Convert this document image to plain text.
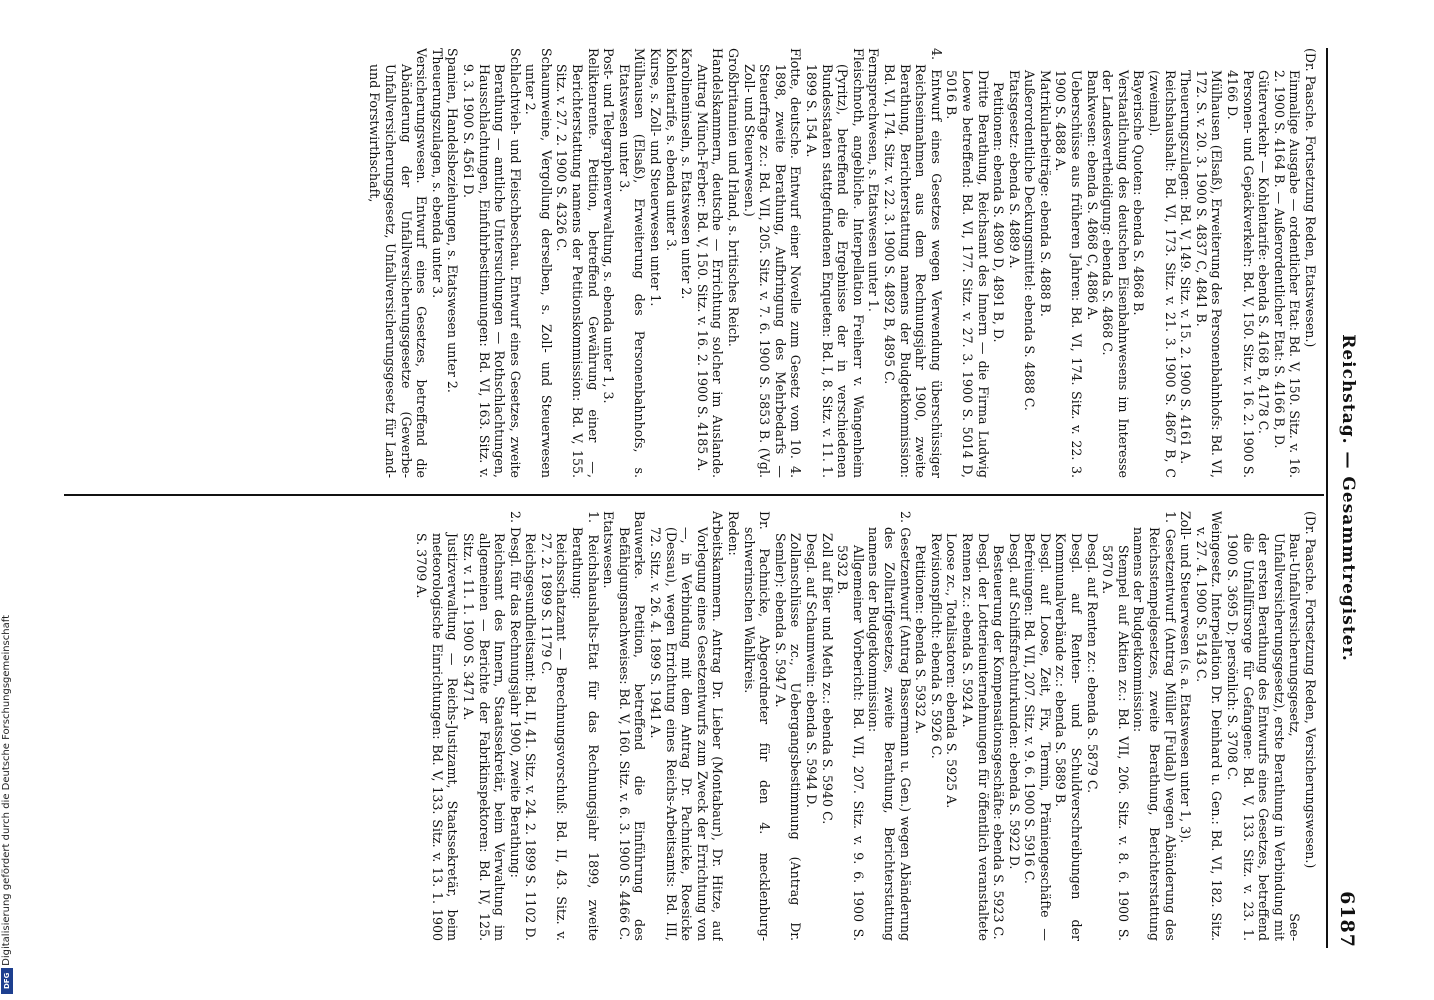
Reichstag. — Gesammtregister.
6187

(Dr. Paasche. Fortsetzung Reden, Etatswesen.)

Einmalige Ausgabe — ordentlicher Etat: Bd. V, 150. Sitz. v. 16. 2. 1900 S. 4164 B. — Außerordentlicher Etat: S. 4166 B, D.

Güterverkehr — Kohlentarife: ebenda S. 4168 B, 4178 C.

Personen- und Gepäckverkehr: Bd. V, 150. Sitz. v. 16. 2. 1900 S. 4166 D.

Mülhausen (Elsaß), Erweiterung des Personenbahnhofs: Bd. VI, 172. S. v. 20. 3. 1900 S. 4837 C, 4841 B.

Theuerungszulagen: Bd. V, 149. Sitz. v. 15. 2. 1900 S. 4161 A.

Reichshaushalt: Bd. VI, 173. Sitz. v. 21. 3. 1900 S. 4867 B, C (zweimal).

Bayerische Quoten: ebenda S. 4868 B.

Verstaatlichung des deutschen Eisenbahnwesens im Interesse der Landesvertheidigung: ebenda S. 4868 C.

Bankwesen: ebenda S. 4868 C, 4886 A.

Ueberschüsse aus früheren Jahren: Bd. VI, 174. Sitz. v. 22. 3. 1900 S. 4888 A.

Matrikularbeiträge: ebenda S. 4888 B.

Außerordentliche Deckungsmittel: ebenda S. 4888 C.

Etatsgesetz: ebenda S. 4889 A.

Petitionen: ebenda S. 4890 D, 4891 B, D.

Dritte Berathung, Reichsamt des Innern — die Firma Ludwig Loewe betreffend: Bd. VI, 177. Sitz. v. 27. 3. 1900 S. 5014 D, 5016 B.

4. Entwurf eines Gesetzes wegen Verwendung überschüssiger Reichseinnahmen aus dem Rechnungsjahr 1900, zweite Berathung, Berichterstattung namens der Budgetkommission: Bd. VI, 174. Sitz. v. 22. 3. 1900 S. 4892 B, 4895 C.

Fernsprechwesen, s. Etatswesen unter 1.

Fleischnoth, angebliche. Interpellation Freiherr v. Wangenheim (Pyritz), betreffend die Ergebnisse der in verschiedenen Bundesstaaten stattgefundenen Enqueten: Bd. I, 8. Sitz. v. 11. 1. 1899 S. 154 A.

Flotte, deutsche. Entwurf einer Novelle zum Gesetz vom 10. 4. 1898, zweite Berathung, Aufbringung des Mehrbedarfs — Steuerfrage zc.: Bd. VII, 205. Sitz. v. 7. 6. 1900 S. 5853 B. (Vgl. Zoll- und Steuerwesen.)

Großbritannien und Irland, s. britisches Reich.

Handelskammern, deutsche — Errichtung solcher im Auslande. Antrag Münch-Ferber: Bd. V, 150. Sitz. v. 16. 2. 1900 S. 4185 A.

Karolineninseln, s. Etatswesen unter 2.

Kohlentarife, s. ebenda unter 3.

Kurse, s. Zoll- und Steuerwesen unter 1.

Mülhausen (Elsaß), Erweiterung des Personenbahnhofs, s. Etatswesen unter 3.

Post- und Telegraphenverwaltung, s. ebenda unter 1, 3.

Reliktenrente. Petition, betreffend Gewährung einer —, Berichterstattung namens der Petitionskommission: Bd. V, 155. Sitz. v. 27. 2. 1900 S. 4326 C.

Schaumweine, Vergollung derselben, s. Zoll- und Steuerwesen unter 2.

Schlachtvieh- und Fleischbeschau. Entwurf eines Gesetzes, zweite Berathung — amtliche Untersuchungen — Rothschlachtungen, Hausschlachtungen, Einfuhrbestimmungen: Bd. VI, 163. Sitz. v. 9. 3. 1900 S. 4561 D.

Spanien, Handelsbeziehungen, s. Etatswesen unter 2.

Theuerungszulagen, s. ebenda unter 3.

Versicherungswesen. Entwurf eines Gesetzes, betreffend die Abänderung der Unfallversicherungsgesetze (Gewerbe-Unfallversicherungsgesetz, Unfallversicherungsgesetz für Land- und Forstwirthschaft,

(Dr. Paasche. Fortsetzung Reden, Versicherungswesen.)

Bau-Unfallversicherungsgesetz, See-Unfallversicherungsgesetz), erste Berathung in Verbindung mit der ersten Berathung des Entwurfs eines Gesetzes, betreffend die Unfallfürsorge für Gefangene: Bd. V, 133. Sitz. v. 23. 1. 1900 S. 3695 D; persönlich: S. 3708 C.

Weingesetz. Interpellation Dr. Deinhard u. Gen.: Bd. VI, 182. Sitz. v. 27. 4. 1900 S. 5143 C.

Zoll- und Steuerwesen (s. a. Etatswesen unter 1, 3).

1. Gesetzentwurf (Antrag Müller [Fulda]) wegen Abänderung des Reichsstempelgesetzes, zweite Berathung, Berichterstattung namens der Budgetkommission:

Stempel auf Aktien zc.: Bd. VII, 206. Sitz. v. 8. 6. 1900 S. 5870 A.

Desgl. auf Renten zc.: ebenda S. 5879 C.

Desgl. auf Renten- und Schuldverschreibungen der Kommunalverbände zc.: ebenda S. 5889 B.

Desgl. auf Loose, Zeit, Fix, Termin, Prämiengeschäfte — Befreiungen: Bd. VII, 207. Sitz. v. 9. 6. 1900 S. 5916 C.

Desgl. auf Schiffsfrachturkunden: ebenda S. 5922 D.

Besteuerung der Kompensationsgeschäfte: ebenda S. 5923 C.

Desgl. der Lotterieunternehmungen für öffentlich veranstaltete Rennen zc.: ebenda S. 5924 A.

Loose zc., Totalisatoren: ebenda S. 5925 A.

Revisionspflicht: ebenda S. 5926 C.

Petitionen: ebenda S. 5932 A.

2. Gesetzentwurf (Antrag Bassermann u. Gen.) wegen Abänderung des Zolltarifgesetzes, zweite Berathung, Berichterstattung namens der Budgetkommission:

Allgemeiner Vorbericht: Bd. VII, 207. Sitz. v. 9. 6. 1900 S. 5932 B.

Zoll auf Bier und Meth zc.: ebenda S. 5940 C.

Desgl. auf Schaumwein: ebenda S. 5944 D.

Zollanschlüsse zc., Uebergangsbestimmung (Antrag Dr. Semler): ebenda S. 5947 A.

Dr. Pachnicke, Abgeordneter für den 4. mecklenburg-schwerinschen Wahlkreis.

Reden:

Arbeitskammern. Antrag Dr. Lieber (Montabaur), Dr. Hitze, auf Vorlegung eines Gesetzentwurfs zum Zweck der Errichtung von —, in Verbindung mit dem Antrag Dr. Pachnicke, Roesicke (Dessau), wegen Errichtung eines Reichs-Arbeitsamts: Bd. III, 72. Sitz. v. 26. 4. 1899 S. 1941 A.

Bauwerke. Petition, betreffend die Einführung des Befähigungsnachweises: Bd. V, 160. Sitz. v. 6. 3. 1900 S. 4466 C.

Etatswesen.

1. Reichshaushalts-Etat für das Rechnungsjahr 1899, zweite Berathung:

Reichsschatzamt — Berechnungsvorschuß: Bd. II, 43. Sitz. v. 27. 2. 1899 S. 1179 C.

Reichsgesundheitsamt: Bd. II, 41. Sitz. v. 24. 2. 1899 S. 1102 D.

2. Desgl. für das Rechnungsjahr 1900, zweite Berathung:

Reichsamt des Innern, Staatssekretär, beim Verwaltung im allgemeinen — Berichte der Fabrikinspektoren: Bd. IV, 125. Sitz. v. 11. 1. 1900 S. 3471 A.

Justizverwaltung — Reichs-Justizamt, Staatssekretär, beim meteorologische Einrichtungen: Bd. V, 133. Sitz. v. 13. 1. 1900 S. 3709 A.

Digitalisierung gefördert durch die Deutsche Forschungsgemeinschaft
DFG
